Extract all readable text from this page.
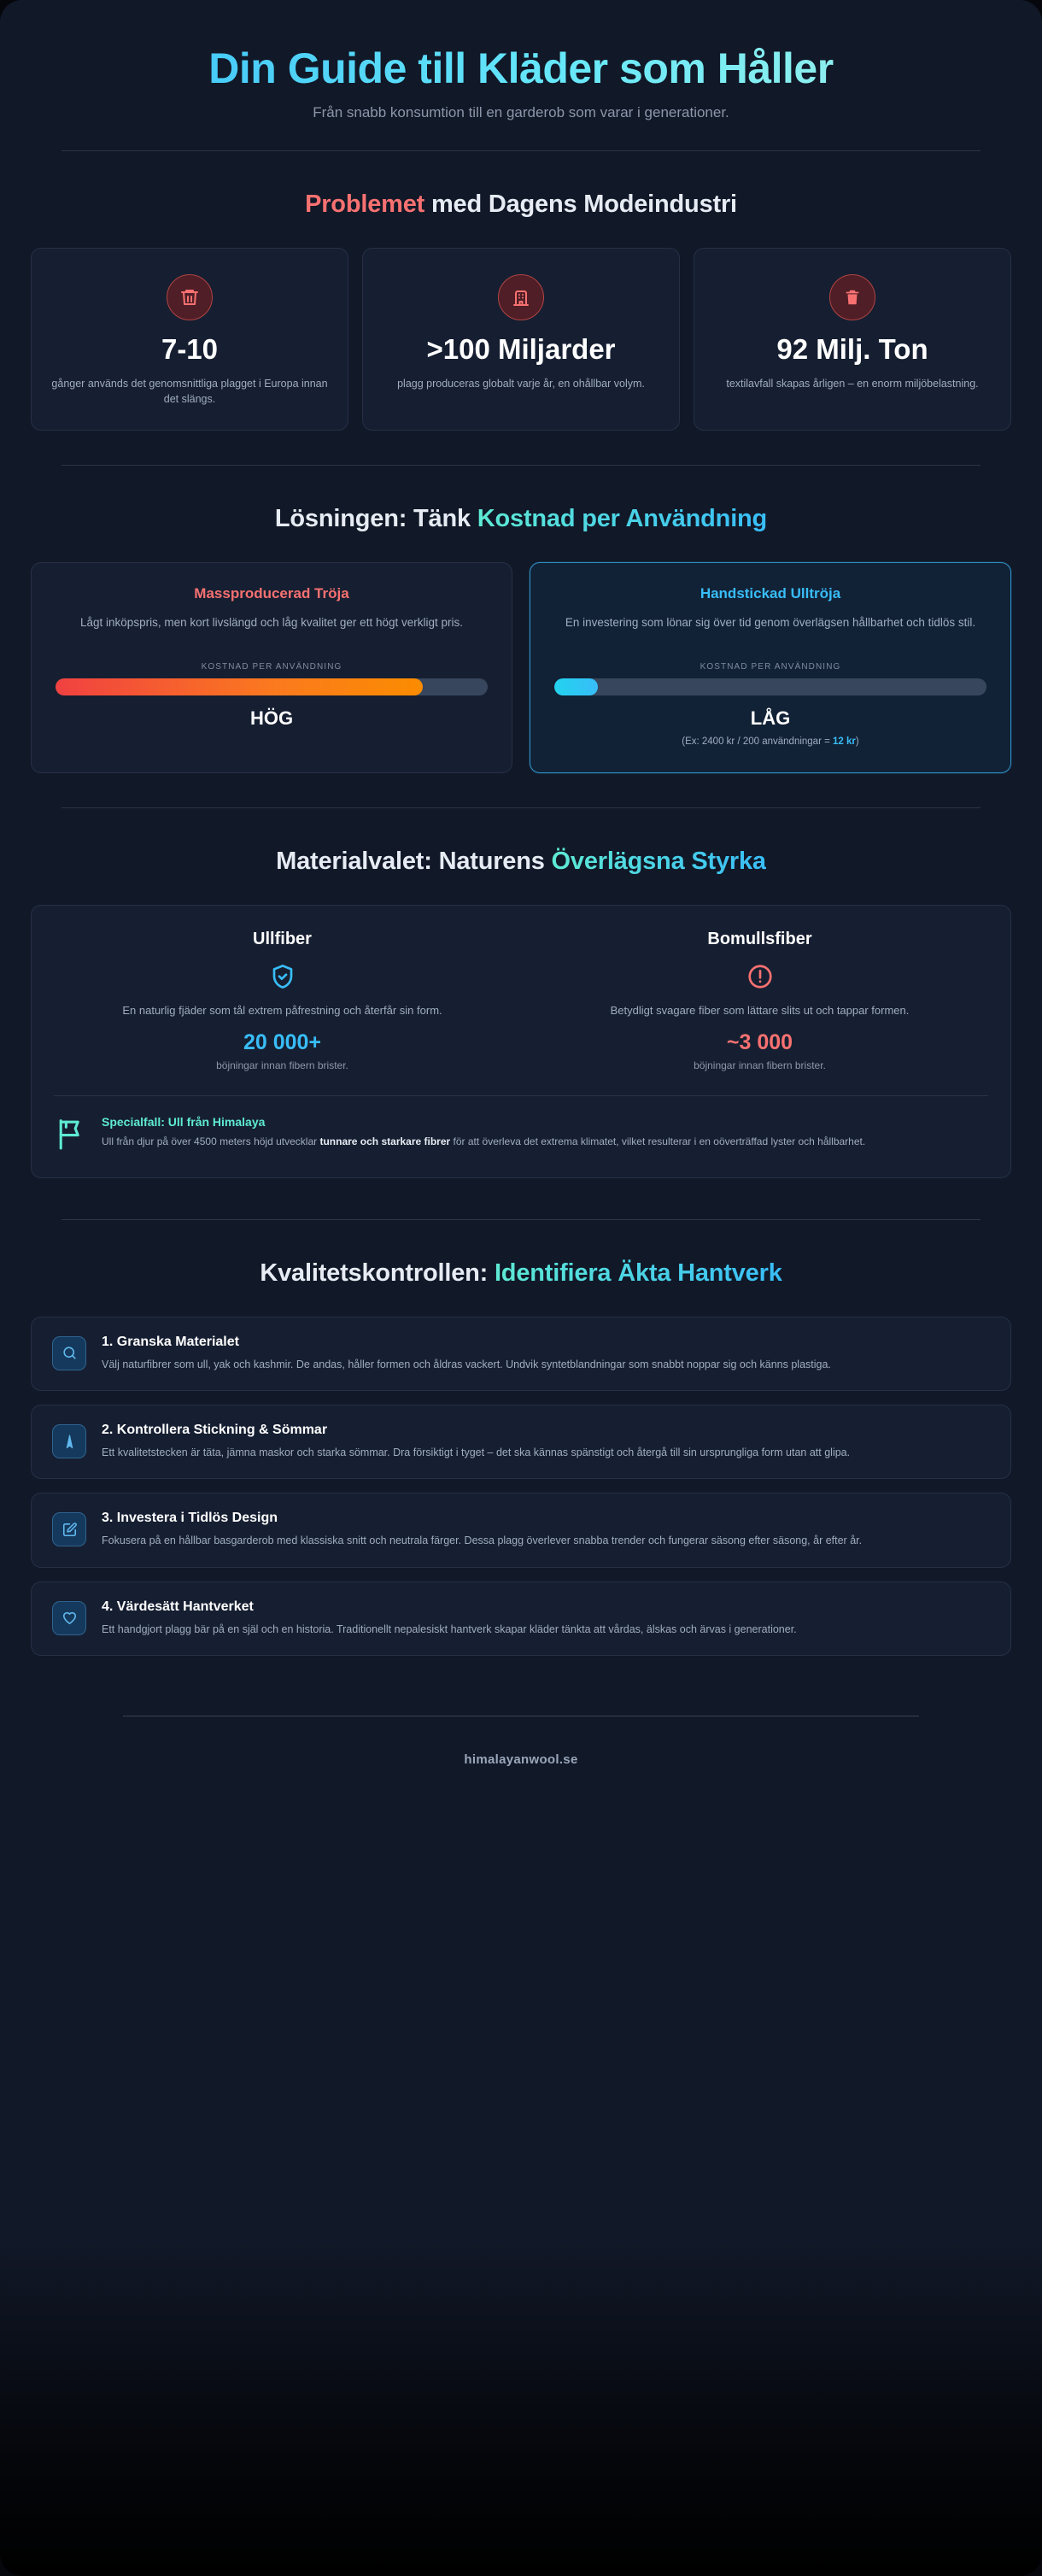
Din Guide till Kläder som Håller

Från snabb konsumtion till en garderob som varar i generationer.

Problemet med Dagens Modeindustri
7-10
gånger används det genomsnittliga plagget i Europa innan det slängs.
>100 Miljarder
plagg produceras globalt varje år, en ohållbar volym.
92 Milj. Ton
textilavfall skapas årligen – en enorm miljöbelastning.
Lösningen: Tänk Kostnad per Användning
Massproducerad Tröja
Lågt inköpspris, men kort livslängd och låg kvalitet ger ett högt verkligt pris.
KOSTNAD PER ANVÄNDNING
HÖG
Handstickad Ulltröja
En investering som lönar sig över tid genom överlägsen hållbarhet och tidlös stil.
KOSTNAD PER ANVÄNDNING
LÅG
(Ex: 2400 kr / 200 användningar = 12 kr)
Materialvalet: Naturens Överlägsna Styrka
Ullfiber
En naturlig fjäder som tål extrem påfrestning och återfår sin form.
20 000+
böjningar innan fibern brister.
Bomullsfiber
Betydligt svagare fiber som lättare slits ut och tappar formen.
~3 000
böjningar innan fibern brister.
Specialfall: Ull från Himalaya
Ull från djur på över 4500 meters höjd utvecklar tunnare och starkare fibrer för att överleva det extrema klimatet, vilket resulterar i en oöverträffad lyster och hållbarhet.
Kvalitetskontrollen: Identifiera Äkta Hantverk
1. Granska Materialet
Välj naturfibrer som ull, yak och kashmir. De andas, håller formen och åldras vackert. Undvik syntetblandningar som snabbt noppar sig och känns plastiga.
2. Kontrollera Stickning & Sömmar
Ett kvalitetstecken är täta, jämna maskor och starka sömmar. Dra försiktigt i tyget – det ska kännas spänstigt och återgå till sin ursprungliga form utan att glipa.
3. Investera i Tidlös Design
Fokusera på en hållbar basgarderob med klassiska snitt och neutrala färger. Dessa plagg överlever snabba trender och fungerar säsong efter säsong, år efter år.
4. Värdesätt Hantverket
Ett handgjort plagg bär på en själ och en historia. Traditionellt nepalesiskt hantverk skapar kläder tänkta att vårdas, älskas och ärvas i generationer.
himalayanwool.se
